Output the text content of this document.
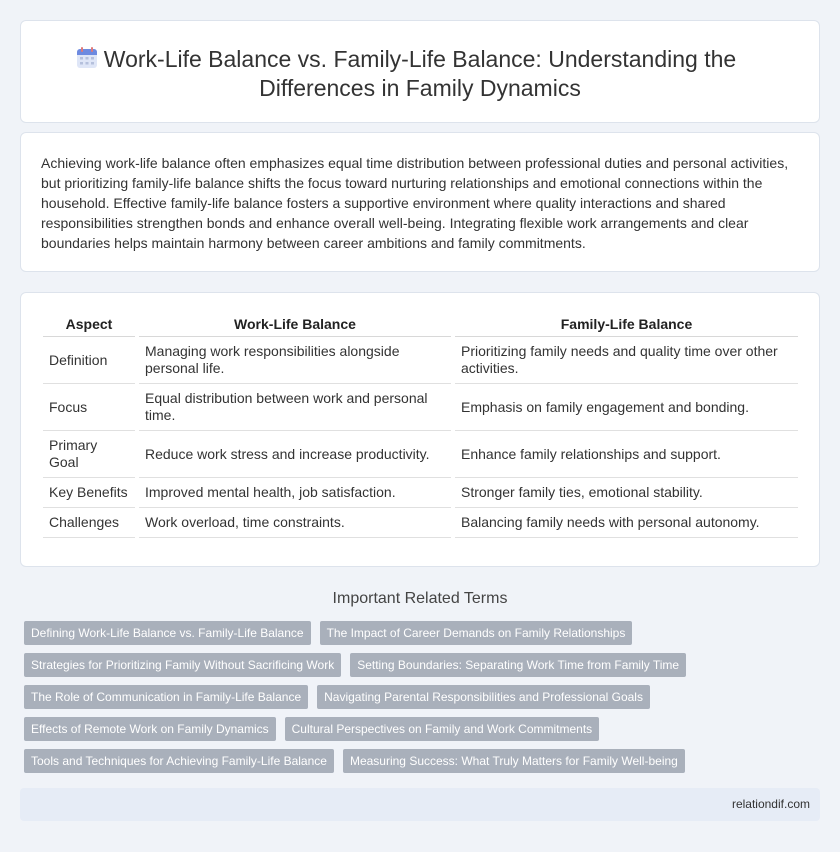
Work-Life Balance vs. Family-Life Balance: Understanding the Differences in Family Dynamics

Achieving work-life balance often emphasizes equal time distribution between professional duties and personal activities, but prioritizing family-life balance shifts the focus toward nurturing relationships and emotional connections within the household. Effective family-life balance fosters a supportive environment where quality interactions and shared responsibilities strengthen bonds and enhance overall well-being. Integrating flexible work arrangements and clear boundaries helps maintain harmony between career ambitions and family commitments.

Aspect	Work-Life Balance	Family-Life Balance
Definition	Managing work responsibilities alongside personal life.	Prioritizing family needs and quality time over other activities.
Focus	Equal distribution between work and personal time.	Emphasis on family engagement and bonding.
Primary Goal	Reduce work stress and increase productivity.	Enhance family relationships and support.
Key Benefits	Improved mental health, job satisfaction.	Stronger family ties, emotional stability.
Challenges	Work overload, time constraints.	Balancing family needs with personal autonomy.
Important Related Terms
Defining Work-Life Balance vs. Family-Life Balance	The Impact of Career Demands on Family Relationships
Strategies for Prioritizing Family Without Sacrificing Work	Setting Boundaries: Separating Work Time from Family Time
The Role of Communication in Family-Life Balance	Navigating Parental Responsibilities and Professional Goals
Effects of Remote Work on Family Dynamics	Cultural Perspectives on Family and Work Commitments
Tools and Techniques for Achieving Family-Life Balance	Measuring Success: What Truly Matters for Family Well-being
relationdif.com
